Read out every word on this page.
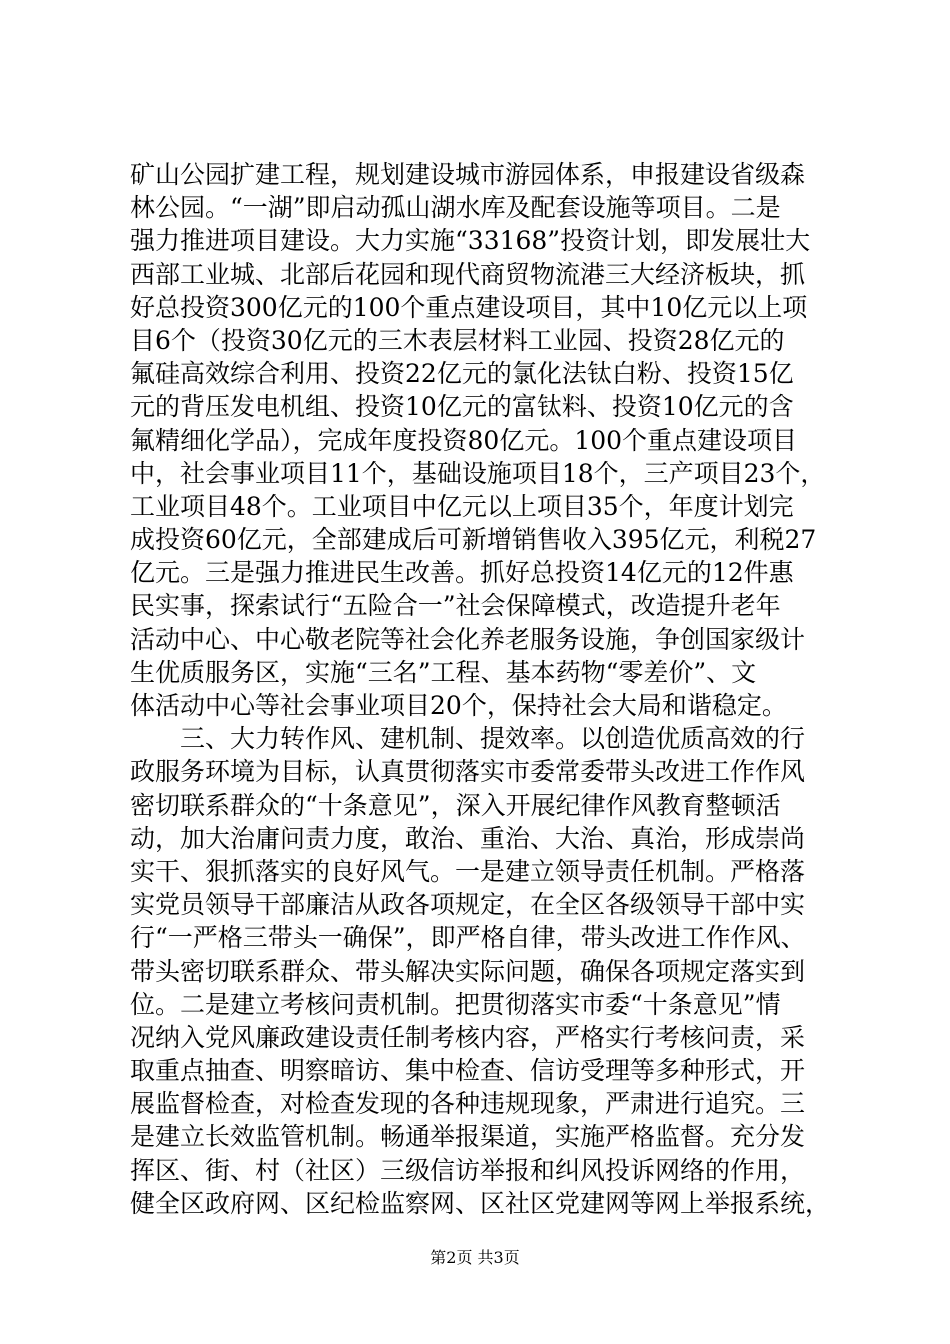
矿山公园扩建工程，规划建设城市游园体系，申报建设省级森
林公园。“一湖”即启动孤山湖水库及配套设施等项目。二是
强力推进项目建设。大力实施“33168”投资计划，即发展壮大
西部工业城、北部后花园和现代商贸物流港三大经济板块，抓
好总投资300亿元的100个重点建设项目，其中10亿元以上项
目6个（投资30亿元的三木表层材料工业园、投资28亿元的
氟硅高效综合利用、投资22亿元的氯化法钛白粉、投资15亿
元的背压发电机组、投资10亿元的富钛料、投资10亿元的含
氟精细化学品），完成年度投资80亿元。100个重点建设项目
中，社会事业项目11个，基础设施项目18个，三产项目23个，
工业项目48个。工业项目中亿元以上项目35个，年度计划完
成投资60亿元，全部建成后可新增销售收入395亿元，利税27
亿元。三是强力推进民生改善。抓好总投资14亿元的12件惠
民实事，探索试行“五险合一”社会保障模式，改造提升老年
活动中心、中心敬老院等社会化养老服务设施，争创国家级计
生优质服务区，实施“三名”工程、基本药物“零差价”、文
体活动中心等社会事业项目20个，保持社会大局和谐稳定。
　　三、大力转作风、建机制、提效率。以创造优质高效的行
政服务环境为目标，认真贯彻落实市委常委带头改进工作作风
密切联系群众的“十条意见”，深入开展纪律作风教育整顿活
动，加大治庸问责力度，敢治、重治、大治、真治，形成崇尚
实干、狠抓落实的良好风气。一是建立领导责任机制。严格落
实党员领导干部廉洁从政各项规定，在全区各级领导干部中实
行“一严格三带头一确保”，即严格自律，带头改进工作作风、
带头密切联系群众、带头解决实际问题，确保各项规定落实到
位。二是建立考核问责机制。把贯彻落实市委“十条意见”情
况纳入党风廉政建设责任制考核内容，严格实行考核问责，采
取重点抽查、明察暗访、集中检查、信访受理等多种形式，开
展监督检查，对检查发现的各种违规现象，严肃进行追究。三
是建立长效监管机制。畅通举报渠道，实施严格监督。充分发
挥区、街、村（社区）三级信访举报和纠风投诉网络的作用，
健全区政府网、区纪检监察网、区社区党建网等网上举报系统，
第2页 共3页
